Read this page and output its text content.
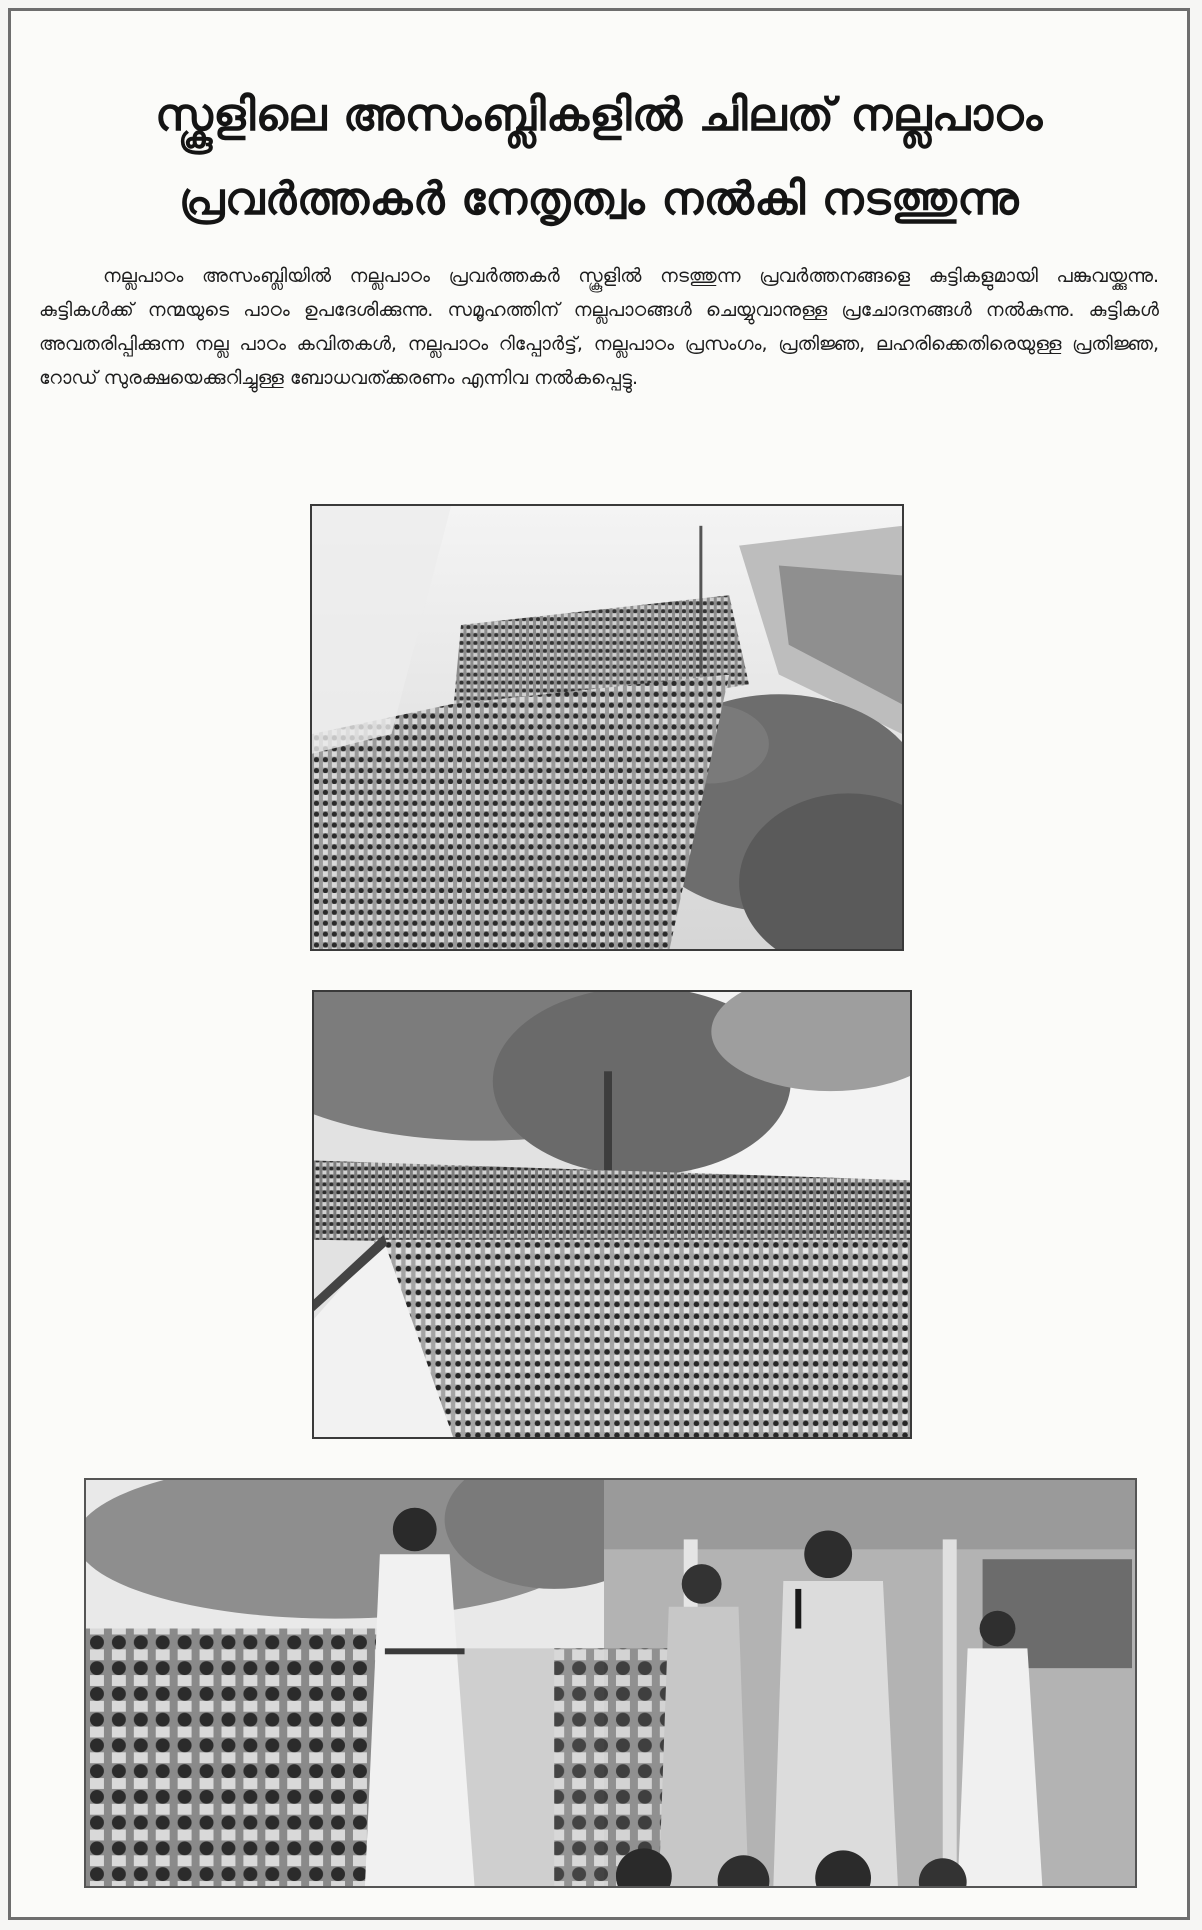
സ്കൂളിലെ അസംബ്ലികളിൽ ചിലത് നല്ലപാഠം
പ്രവർത്തകർ നേതൃത്വം നൽകി നടത്തുന്നു

നല്ലപാഠം അസംബ്ലിയിൽ നല്ലപാഠം പ്രവർത്തകർ സ്കൂളിൽ നടത്തുന്ന പ്രവർത്തനങ്ങളെ കുട്ടികളുമായി പങ്കുവയ്ക്കുന്നു. കുട്ടികൾക്ക് നന്മയുടെ പാഠം ഉപദേശിക്കുന്നു. സമൂഹത്തിന് നല്ലപാഠങ്ങൾ ചെയ്യുവാനുള്ള പ്രചോദനങ്ങൾ നൽകുന്നു. കുട്ടികൾ അവതരിപ്പിക്കുന്ന നല്ല പാഠം കവിതകൾ, നല്ലപാഠം റിപ്പോർട്ട്, നല്ലപാഠം പ്രസംഗം, പ്രതിജ്ഞ, ലഹരിക്കെതിരെയുള്ള പ്രതിജ്ഞ, റോഡ് സുരക്ഷയെക്കുറിച്ചുള്ള ബോധവത്ക്കരണം എന്നിവ നൽകപ്പെട്ടു.
